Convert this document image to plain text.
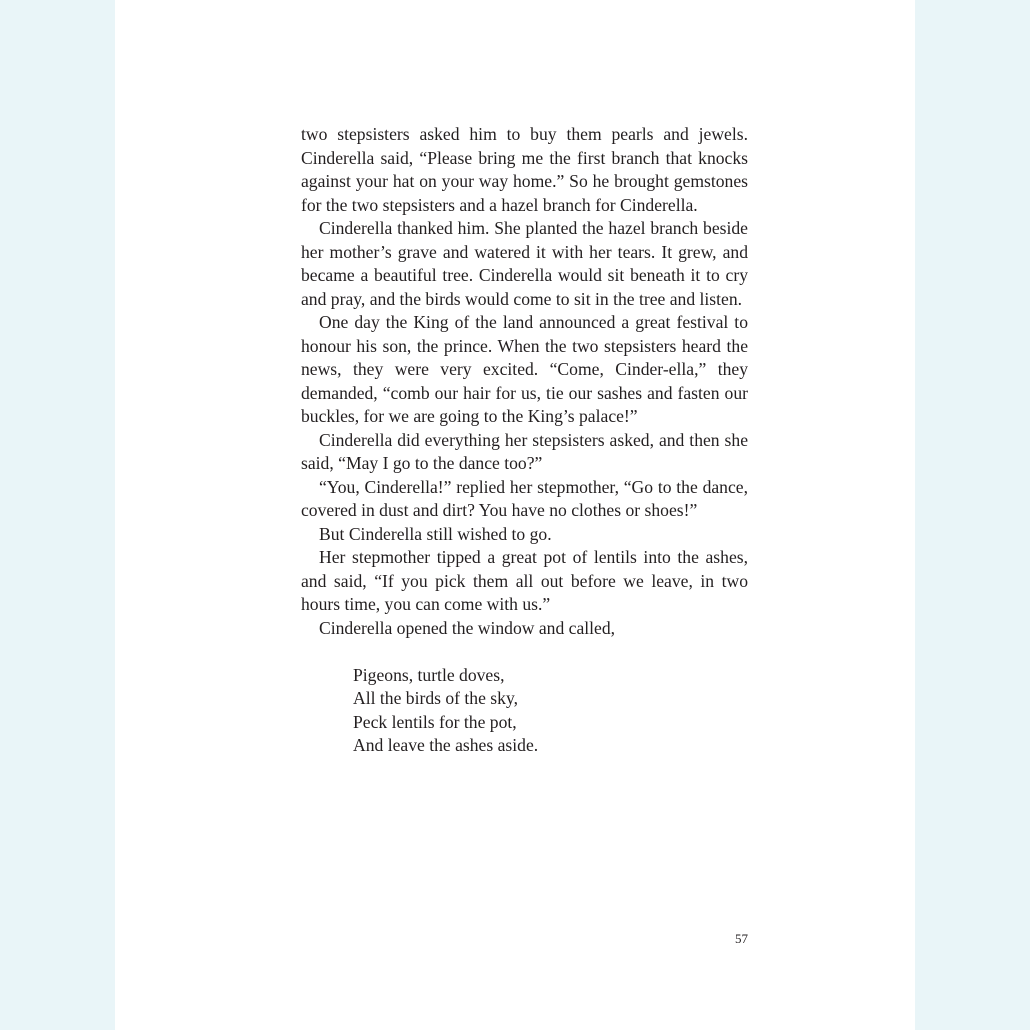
two stepsisters asked him to buy them pearls and jewels. Cinderella said, “Please bring me the first branch that knocks against your hat on your way home.” So he brought gemstones for the two stepsisters and a hazel branch for Cinderella.

Cinderella thanked him. She planted the hazel branch beside her mother’s grave and watered it with her tears. It grew, and became a beautiful tree. Cinderella would sit beneath it to cry and pray, and the birds would come to sit in the tree and listen.

One day the King of the land announced a great festival to honour his son, the prince. When the two stepsisters heard the news, they were very excited. “Come, Cinder-ella,” they demanded, “comb our hair for us, tie our sashes and fasten our buckles, for we are going to the King’s palace!”

Cinderella did everything her stepsisters asked, and then she said, “May I go to the dance too?”

“You, Cinderella!” replied her stepmother, “Go to the dance, covered in dust and dirt? You have no clothes or shoes!”

But Cinderella still wished to go.

Her stepmother tipped a great pot of lentils into the ashes, and said, “If you pick them all out before we leave, in two hours time, you can come with us.”

Cinderella opened the window and called,

Pigeons, turtle doves,
All the birds of the sky,
Peck lentils for the pot,
And leave the ashes aside.
57
